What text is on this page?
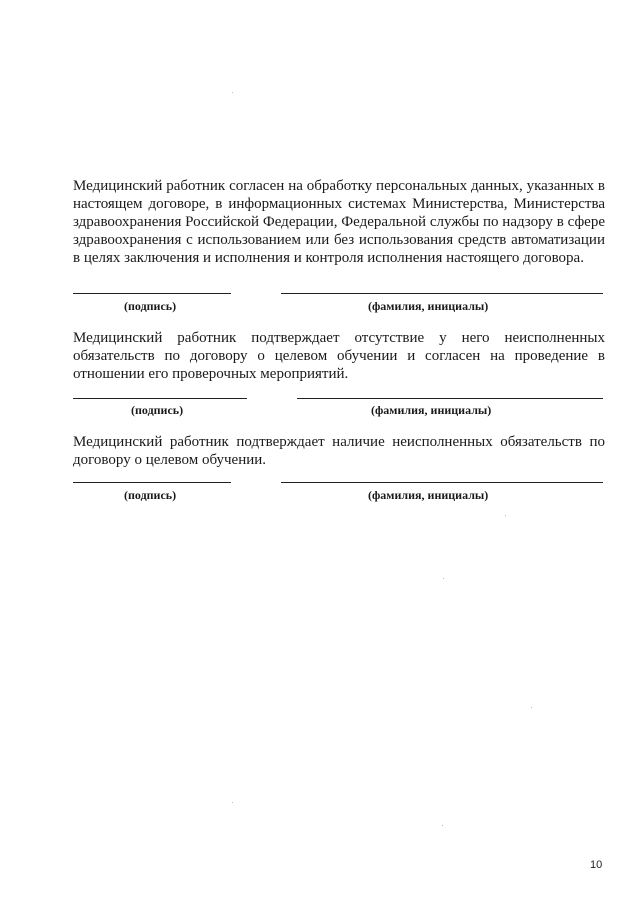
Медицинский работник согласен на обработку персональных данных, указанных в настоящем договоре, в информационных системах Министерства, Министерства здравоохранения Российской Федерации, Федеральной службы по надзору в сфере здравоохранения с использованием или без использования средств автоматизации в целях заключения и исполнения и контроля исполнения настоящего договора.

(подпись)	(фамилия, инициалы)

Медицинский работник подтверждает отсутствие у него неисполненных обязательств по договору о целевом обучении и согласен на проведение в отношении его проверочных мероприятий.

(подпись)	(фамилия, инициалы)

Медицинский работник подтверждает наличие неисполненных обязательств по договору о целевом обучении.

(подпись)	(фамилия, инициалы)
10
